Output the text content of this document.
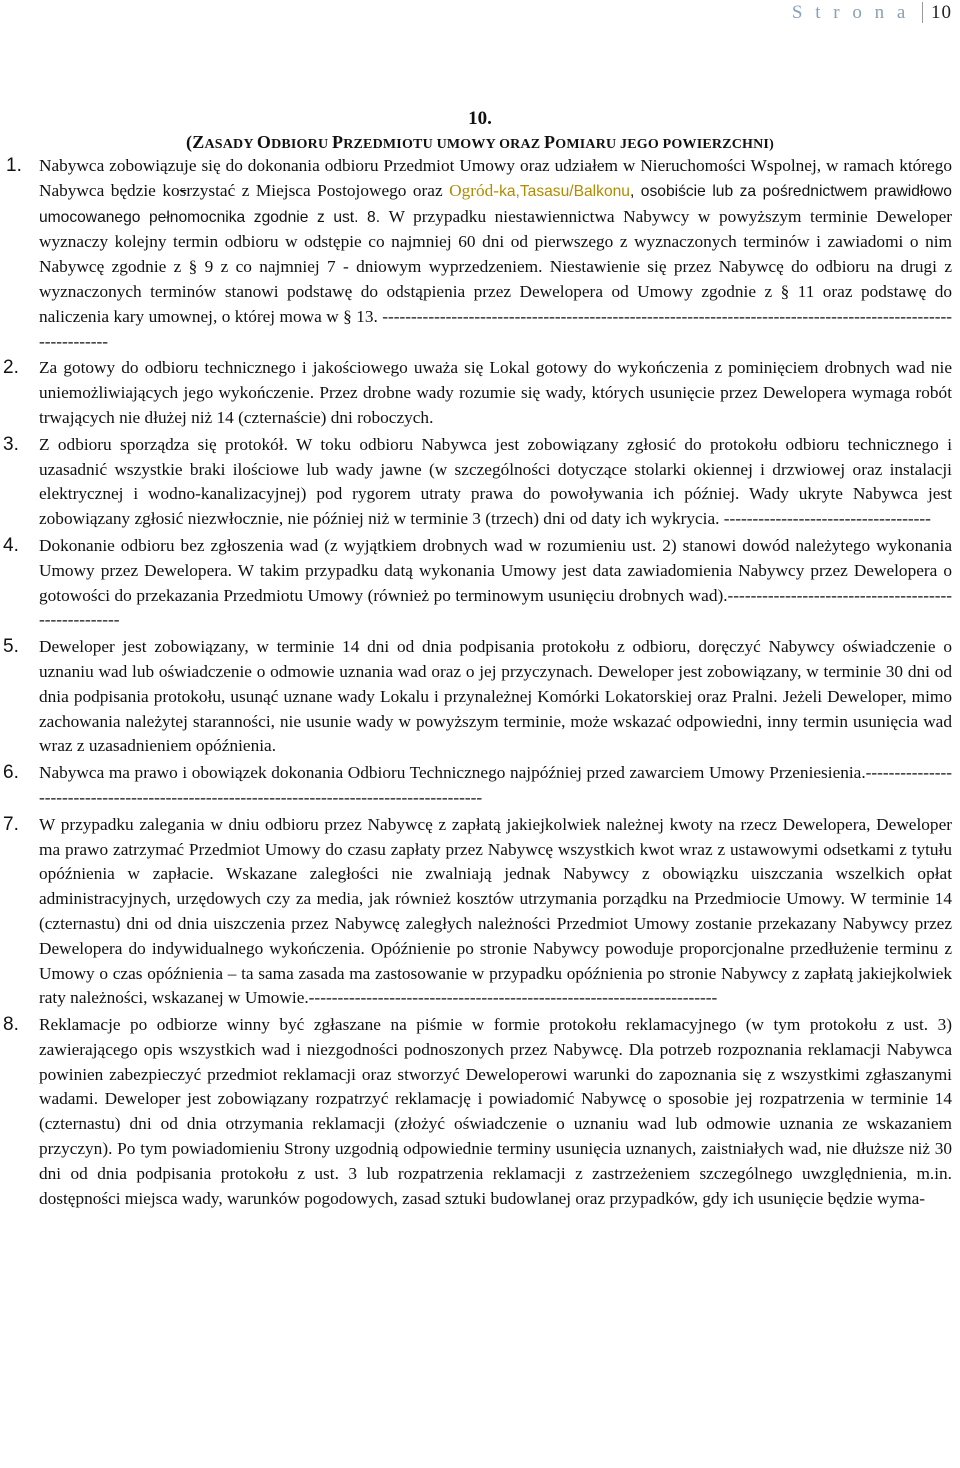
S t r o n a 10
10.
(ZASADY ODBIORU PRZEDMIOTU UMOWY ORAZ POMIARU JEGO POWIERZCHNI)
1. Nabywca zobowiązuje się do dokonania odbioru Przedmiot Umowy oraz udziałem w Nieruchomości Wspolnej, w ramach którego Nabywca będzie kosrzystać z Miejsca Postojowego oraz Ogród-ka,Tasasu/Balkonu, osobiście lub za pośrednictwem prawidłowo umocowanego pełnomocnika zgodnie z ust. 8. W przypadku niestawiennictwa Nabywcy w powyższym terminie Deweloper wyznaczy kolejny termin odbioru w odstępie co najmniej 60 dni od pierwszego z wyznaczonych terminów i zawiadomi o nim Nabywcę zgodnie z § 9 z co najmniej 7 - dniowym wyprzedzeniem. Niestawienie się przez Nabywcę do odbioru na drugi z wyznaczonych terminów stanowi podstawę do odstąpienia przez Dewelopera od Umowy zgodnie z § 11 oraz podstawę do naliczenia kary umownej, o której mowa w § 13. ---------------------------------------------------------------------------------------------------------------
2. Za gotowy do odbioru technicznego i jakościowego uważa się Lokal gotowy do wykończenia z pominięciem drobnych wad nie uniemożliwiających jego wykończenie. Przez drobne wady rozumie się wady, których usunięcie przez Dewelopera wymaga robót trwających nie dłużej niż 14 (czternaście) dni roboczych.
3. Z odbioru sporządza się protokół. W toku odbioru Nabywca jest zobowiązany zgłosić do protokołu odbioru technicznego i uzasadnić wszystkie braki ilościowe lub wady jawne (w szczególności dotyczące stolarki okiennej i drzwiowej oraz instalacji elektrycznej i wodno-kanalizacyjnej) pod rygorem utraty prawa do powoływania ich później. Wady ukryte Nabywca jest zobowiązany zgłosić niezwłocznie, nie później niż w terminie 3 (trzech) dni od daty ich wykrycia. ------------------------------------
4. Dokonanie odbioru bez zgłoszenia wad (z wyjątkiem drobnych wad w rozumieniu ust. 2) stanowi dowód należytego wykonania Umowy przez Dewelopera. W takim przypadku datą wykonania Umowy jest data zawiadomienia Nabywcy przez Dewelopera o gotowości do przekazania Przedmiotu Umowy (również po terminowym usunięciu drobnych wad).-----------------------------------------------------
5. Deweloper jest zobowiązany, w terminie 14 dni od dnia podpisania protokołu z odbioru, doręczyć Nabywcy oświadczenie o uznaniu wad lub oświadczenie o odmowie uznania wad oraz o jej przyczynach. Deweloper jest zobowiązany, w terminie 30 dni od dnia podpisania protokołu, usunąć uznane wady Lokalu i przynależnej Komórki Lokatorskiej oraz Pralni. Jeżeli Deweloper, mimo zachowania należytej staranności, nie usunie wady w powyższym terminie, może wskazać odpowiedni, inny termin usunięcia wad wraz z uzasadnieniem opóźnienia.
6. Nabywca ma prawo i obowiązek dokonania Odbioru Technicznego najpóźniej przed zawarciem Umowy Przeniesienia.--------------------------------------------------------------------------------------------
7. W przypadku zalegania w dniu odbioru przez Nabywcę z zapłatą jakiejkolwiek należnej kwoty na rzecz Dewelopera, Deweloper ma prawo zatrzymać Przedmiot Umowy do czasu zapłaty przez Nabywcę wszystkich kwot wraz z ustawowymi odsetkami z tytułu opóźnienia w zapłacie. Wskazane zaległości nie zwalniają jednak Nabywcy z obowiązku uiszczania wszelkich opłat administracyjnych, urzędowych czy za media, jak również kosztów utrzymania porządku na Przedmiocie Umowy. W terminie 14 (czternastu) dni od dnia uiszczenia przez Nabywcę zaległych należności Przedmiot Umowy zostanie przekazany Nabywcy przez Dewelopera do indywidualnego wykończenia. Opóźnienie po stronie Nabywcy powoduje proporcjonalne przedłużenie terminu z Umowy o czas opóźnienia – ta sama zasada ma zastosowanie w przypadku opóźnienia po stronie Nabywcy z zapłatą jakiejkolwiek raty należności, wskazanej w Umowie.-----------------------------------------------------------------------
8. Reklamacje po odbiorze winny być zgłaszane na piśmie w formie protokołu reklamacyjnego (w tym protokołu z ust. 3) zawierającego opis wszystkich wad i niezgodności podnoszonych przez Nabywcę. Dla potrzeb rozpoznania reklamacji Nabywca powinien zabezpieczyć przedmiot reklamacji oraz stworzyć Deweloperowi warunki do zapoznania się z wszystkimi zgłaszanymi wadami. Deweloper jest zobowiązany rozpatrzyć reklamację i powiadomić Nabywcę o sposobie jej rozpatrzenia w terminie 14 (czternastu) dni od dnia otrzymania reklamacji (złożyć oświadczenie o uznaniu wad lub odmowie uznania ze wskazaniem przyczyn). Po tym powiadomieniu Strony uzgodnią odpowiednie terminy usunięcia uznanych, zaistniałych wad, nie dłuższe niż 30 dni od dnia podpisania protokołu z ust. 3 lub rozpatrzenia reklamacji z zastrzeżeniem szczególnego uwzględnienia, m.in. dostępności miejsca wady, warunków pogodowych, zasad sztuki budowlanej oraz przypadków, gdy ich usunięcie będzie wyma-
